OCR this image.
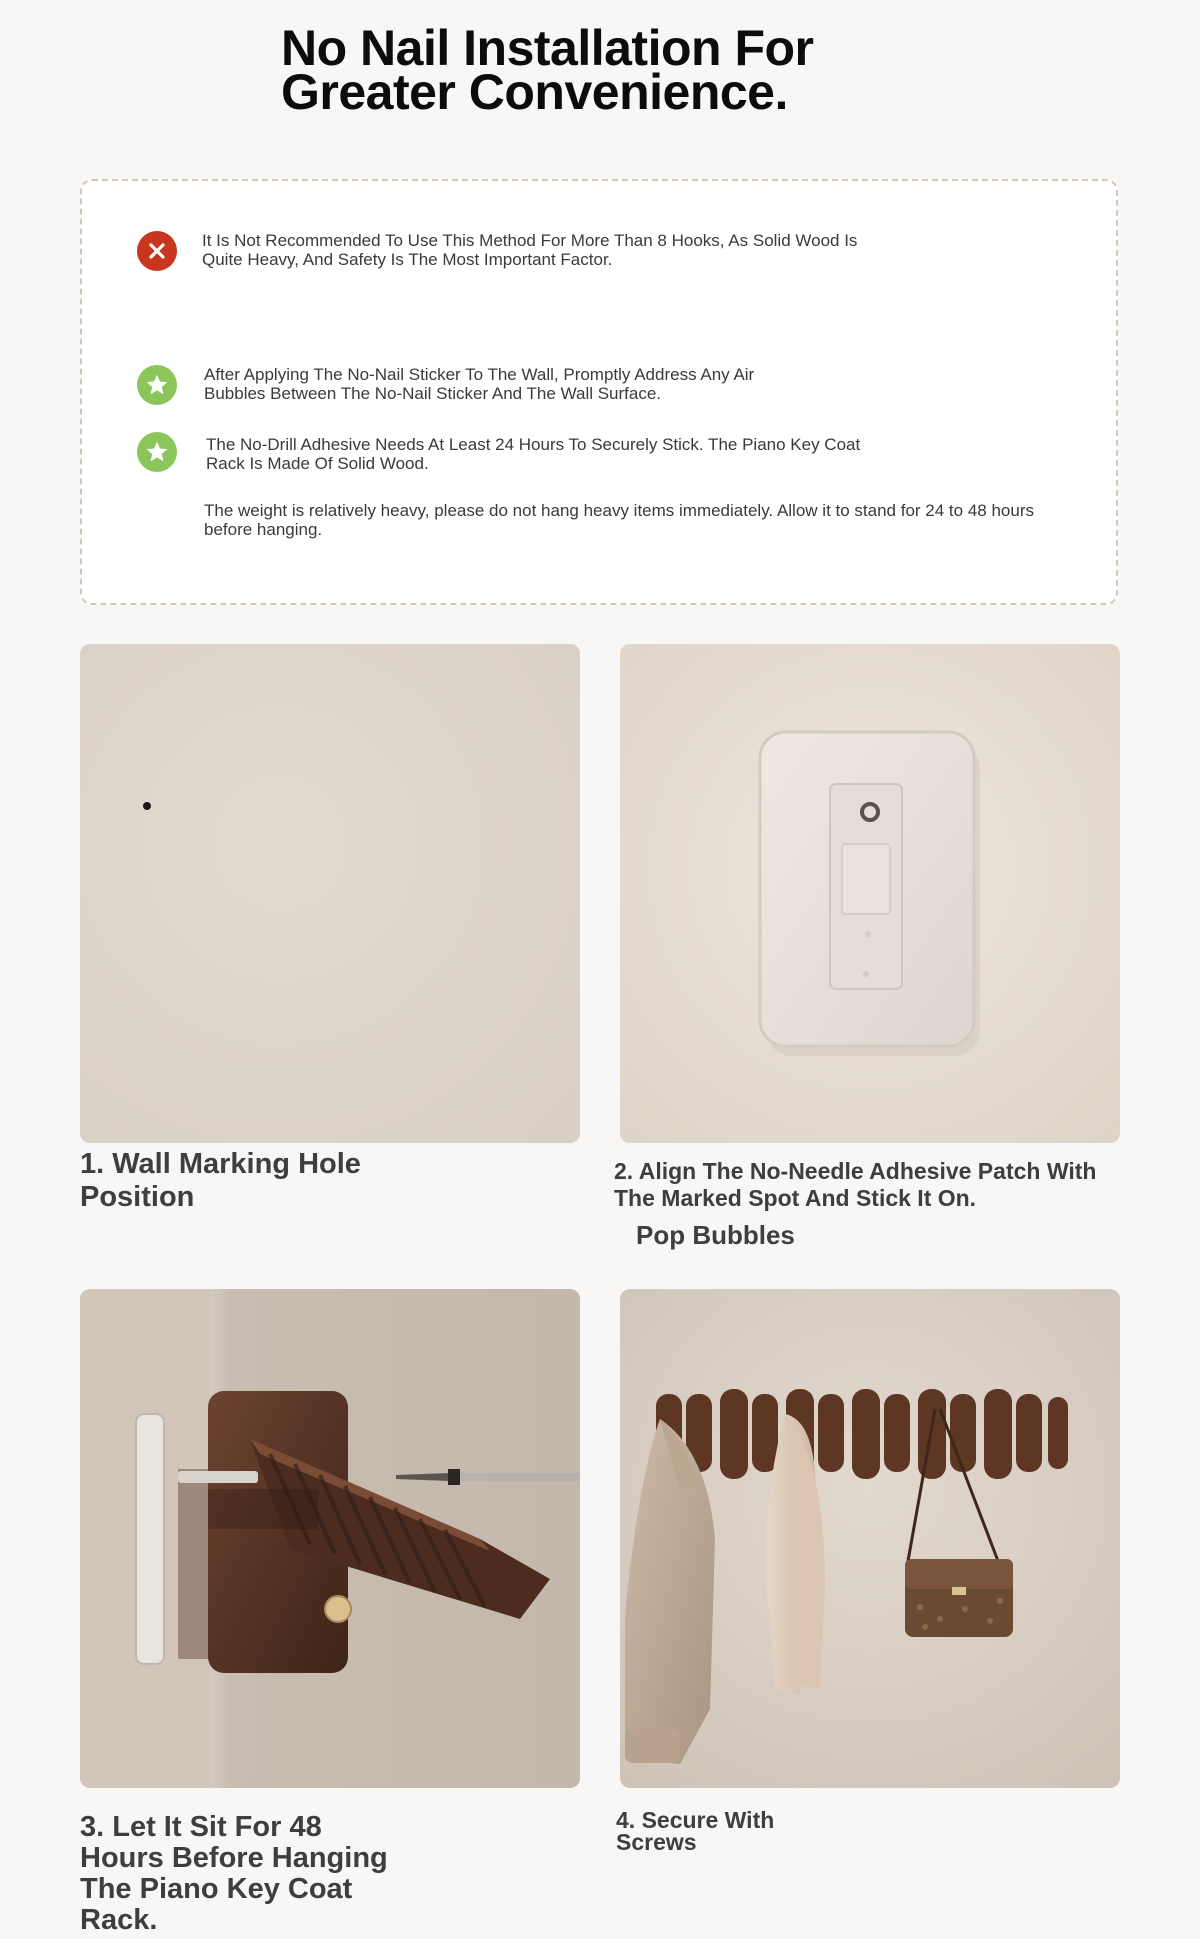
No Nail Installation For Greater Convenience.
It Is Not Recommended To Use This Method For More Than 8 Hooks, As Solid Wood Is Quite Heavy, And Safety Is The Most Important Factor.
After Applying The No-Nail Sticker To The Wall, Promptly Address Any Air Bubbles Between The No-Nail Sticker And The Wall Surface.
The No-Drill Adhesive Needs At Least 24 Hours To Securely Stick. The Piano Key Coat Rack Is Made Of Solid Wood.
The weight is relatively heavy, please do not hang heavy items immediately. Allow it to stand for 24 to 48 hours before hanging.
1. Wall Marking Hole Position
2. Align The No-Needle Adhesive Patch With The Marked Spot And Stick It On.
Pop Bubbles
3. Let It Sit For 48 Hours Before Hanging The Piano Key Coat Rack.
4. Secure With Screws
